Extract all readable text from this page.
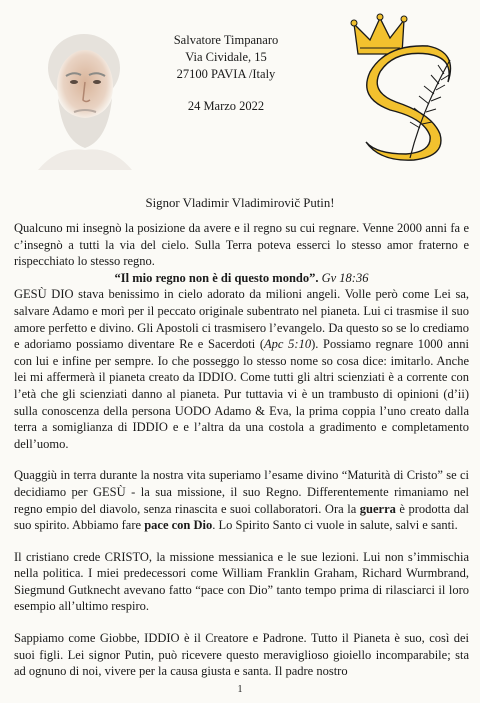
Salvatore Timpanaro
Via Cividale, 15
27100 PAVIA /Italy
24 Marzo 2022
Signor Vladimir Vladimirovič Putin!

Qualcuno mi insegnò la posizione da avere e il regno su cui regnare. Venne 2000 anni fa e c’insegnò a tutti la via del cielo. Sulla Terra poteva esserci lo stesso amor fraterno e rispecchiato lo stesso regno.

“Il mio regno non è di questo mondo”. Gv 18:36

GESÙ DIO stava benissimo in cielo adorato da milioni angeli. Volle però come Lei sa, salvare Adamo e morì per il peccato originale subentrato nel pianeta. Lui ci trasmise il suo amore perfetto e divino. Gli Apostoli ci trasmisero l’evangelo. Da questo so se lo crediamo e adoriamo possiamo diventare Re e Sacerdoti (Apc 5:10). Possiamo regnare 1000 anni con lui e infine per sempre. Io che posseggo lo stesso nome so cosa dice: imitarlo. Anche lei mi affermerà il pianeta creato da IDDIO. Come tutti gli altri scienziati è a corrente con l’età che gli scienziati danno al pianeta. Pur tuttavia vi è un trambusto di opinioni (d’ii) sulla conoscenza della persona UODO Adamo & Eva, la prima coppia l’uno creato dalla terra a somiglianza di IDDIO e e l’altra da una costola a gradimento e completamento dell’uomo.

Quaggiù in terra durante la nostra vita superiamo l’esame divino “Maturità di Cristo” se ci decidiamo per GESÙ - la sua missione, il suo Regno. Differentemente rimaniamo nel regno empio del diavolo, senza rinascita e suoi collaboratori. Ora la guerra è prodotta dal suo spirito. Abbiamo fare pace con Dio. Lo Spirito Santo ci vuole in salute, salvi e santi.

Il cristiano crede CRISTO, la missione messianica e le sue lezioni. Lui non s’immischia nella politica. I miei predecessori come William Franklin Graham, Richard Wurmbrand, Siegmund Gutknecht avevano fatto “pace con Dio” tanto tempo prima di rilasciarci il loro esempio all’ultimo respiro.

Sappiamo come Giobbe, IDDIO è il Creatore e Padrone. Tutto il Pianeta è suo, così dei suoi figli. Lei signor Putin, può ricevere questo meraviglioso gioiello incomparabile; sta ad ognuno di noi, vivere per la causa giusta e santa. Il padre nostro

1
